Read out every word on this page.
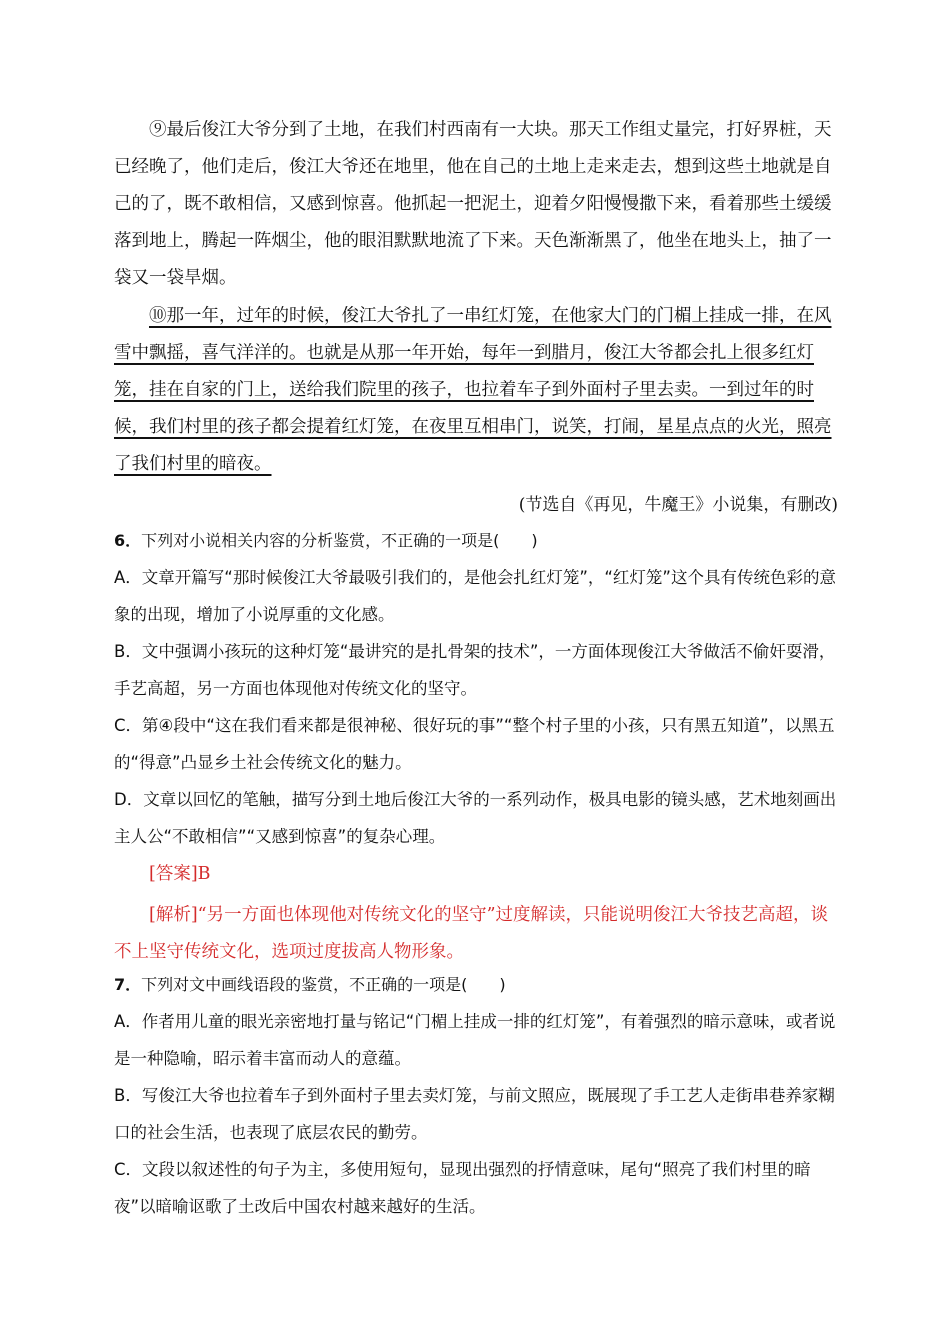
⑨最后俊江大爷分到了土地，在我们村西南有一大块。那天工作组丈量完，打好界桩，天已经晚了，他们走后，俊江大爷还在地里，他在自己的土地上走来走去，想到这些土地就是自己的了，既不敢相信，又感到惊喜。他抓起一把泥土，迎着夕阳慢慢撒下来，看着那些土缓缓落到地上，腾起一阵烟尘，他的眼泪默默地流了下来。天色渐渐黑了，他坐在地头上，抽了一袋又一袋旱烟。

⑩那一年，过年的时候，俊江大爷扎了一串红灯笼，在他家大门的门楣上挂成一排，在风雪中飘摇，喜气洋洋的。也就是从那一年开始，每年一到腊月，俊江大爷都会扎上很多红灯笼，挂在自家的门上，送给我们院里的孩子，也拉着车子到外面村子里去卖。一到过年的时候，我们村里的孩子都会提着红灯笼，在夜里互相串门，说笑，打闹，星星点点的火光，照亮了我们村里的暗夜。

(节选自《再见，牛魔王》小说集，有删改)

6．下列对小说相关内容的分析鉴赏，不正确的一项是(　　)

A．文章开篇写“那时候俊江大爷最吸引我们的，是他会扎红灯笼”，“红灯笼”这个具有传统色彩的意象的出现，增加了小说厚重的文化感。

B．文中强调小孩玩的这种灯笼“最讲究的是扎骨架的技术”，一方面体现俊江大爷做活不偷奸耍滑，手艺高超，另一方面也体现他对传统文化的坚守。

C．第④段中“这在我们看来都是很神秘、很好玩的事”“整个村子里的小孩，只有黑五知道”，以黑五的“得意”凸显乡土社会传统文化的魅力。

D．文章以回忆的笔触，描写分到土地后俊江大爷的一系列动作，极具电影的镜头感，艺术地刻画出主人公“不敢相信”“又感到惊喜”的复杂心理。

[答案]B

[解析]“另一方面也体现他对传统文化的坚守”过度解读，只能说明俊江大爷技艺高超，谈不上坚守传统文化，选项过度拔高人物形象。

7．下列对文中画线语段的鉴赏，不正确的一项是(　　)

A．作者用儿童的眼光亲密地打量与铭记“门楣上挂成一排的红灯笼”，有着强烈的暗示意味，或者说是一种隐喻，昭示着丰富而动人的意蕴。

B．写俊江大爷也拉着车子到外面村子里去卖灯笼，与前文照应，既展现了手工艺人走街串巷养家糊口的社会生活，也表现了底层农民的勤劳。

C．文段以叙述性的句子为主，多使用短句，显现出强烈的抒情意味，尾句“照亮了我们村里的暗夜”以暗喻讴歌了土改后中国农村越来越好的生活。
